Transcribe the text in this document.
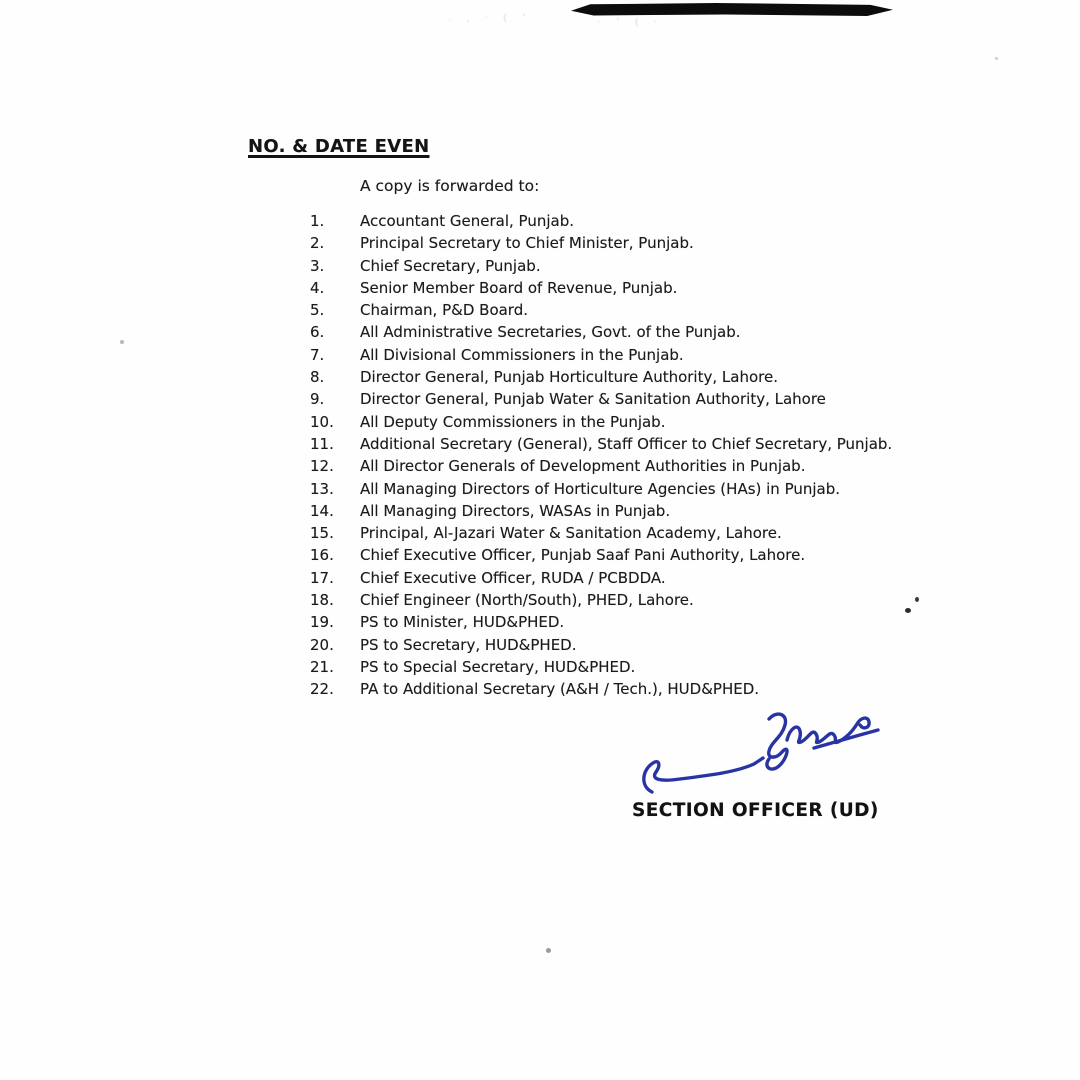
. , · ( ’	· ’ ( ·
NO. & DATE EVEN

A copy is forwarded to:

1.	Accountant General, Punjab.
2.	Principal Secretary to Chief Minister, Punjab.
3.	Chief Secretary, Punjab.
4.	Senior Member Board of Revenue, Punjab.
5.	Chairman, P&D Board.
6.	All Administrative Secretaries, Govt. of the Punjab.
7.	All Divisional Commissioners in the Punjab.
8.	Director General, Punjab Horticulture Authority, Lahore.
9.	Director General, Punjab Water & Sanitation Authority, Lahore
10.	All Deputy Commissioners in the Punjab.
11.	Additional Secretary (General), Staff Officer to Chief Secretary, Punjab.
12.	All Director Generals of Development Authorities in Punjab.
13.	All Managing Directors of Horticulture Agencies (HAs) in Punjab.
14.	All Managing Directors, WASAs in Punjab.
15.	Principal, Al-Jazari Water & Sanitation Academy, Lahore.
16.	Chief Executive Officer, Punjab Saaf Pani Authority, Lahore.
17.	Chief Executive Officer, RUDA / PCBDDA.
18.	Chief Engineer (North/South), PHED, Lahore.
19.	PS to Minister, HUD&PHED.
20.	PS to Secretary, HUD&PHED.
21.	PS to Special Secretary, HUD&PHED.
22.	PA to Additional Secretary (A&H / Tech.), HUD&PHED.
SECTION OFFICER (UD)
